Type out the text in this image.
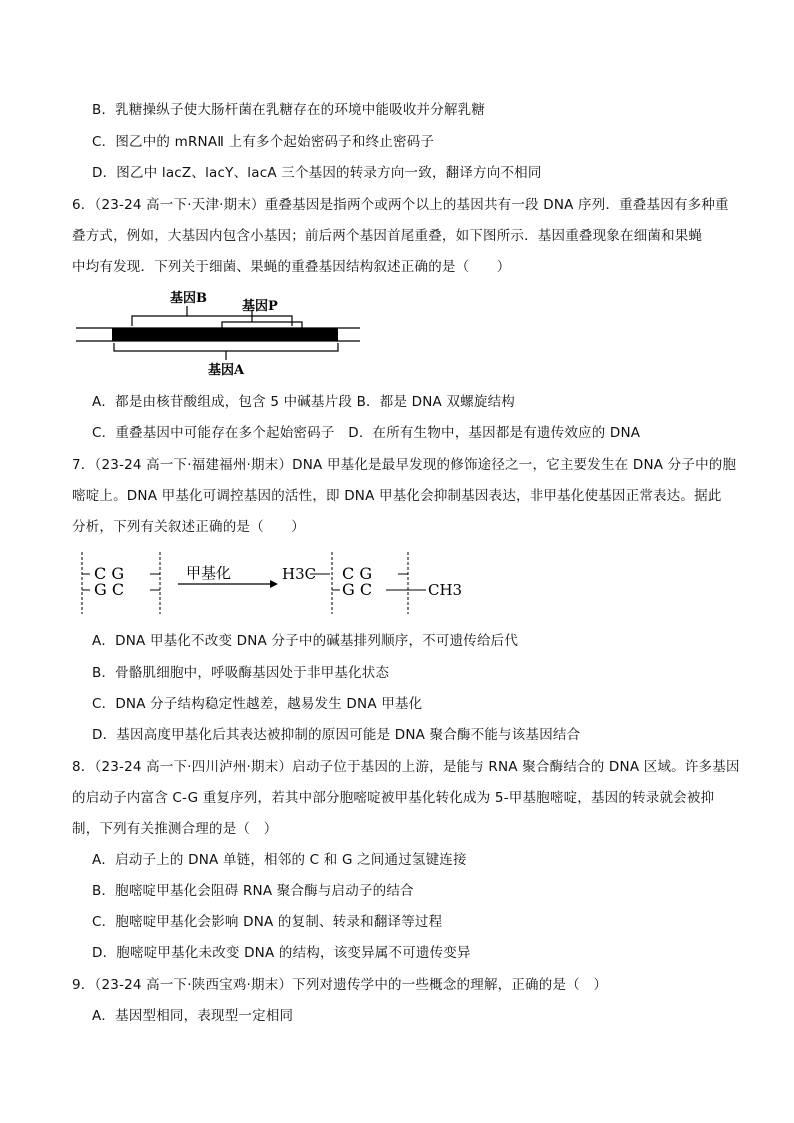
B．乳糖操纵子使大肠杆菌在乳糖存在的环境中能吸收并分解乳糖
C．图乙中的 mRNAⅡ 上有多个起始密码子和终止密码子
D．图乙中 lacZ、lacY、lacA 三个基因的转录方向一致，翻译方向不相同
6．（23-24 高一下·天津·期末）重叠基因是指两个或两个以上的基因共有一段 DNA 序列．重叠基因有多种重
叠方式，例如，大基因内包含小基因；前后两个基因首尾重叠，如下图所示．基因重叠现象在细菌和果蝇
中均有发现．下列关于细菌、果蝇的重叠基因结构叙述正确的是（　　）
基因B
基因P
基因A
A．都是由核苷酸组成，包含 5 中碱基片段 B．都是 DNA 双螺旋结构
C．重叠基因中可能存在多个起始密码子　D．在所有生物中，基因都是有遗传效应的 DNA
7．（23-24 高一下·福建福州·期末）DNA 甲基化是最早发现的修饰途径之一，它主要发生在 DNA 分子中的胞
嘧啶上。DNA 甲基化可调控基因的活性，即 DNA 甲基化会抑制基因表达，非甲基化使基因正常表达。据此
分析，下列有关叙述正确的是（　　）
C G
G C
甲基化	H3C C G
G C	CH3
A．DNA 甲基化不改变 DNA 分子中的碱基排列顺序，不可遗传给后代
B．骨骼肌细胞中，呼吸酶基因处于非甲基化状态
C．DNA 分子结构稳定性越差，越易发生 DNA 甲基化
D．基因高度甲基化后其表达被抑制的原因可能是 DNA 聚合酶不能与该基因结合
8．（23-24 高一下·四川泸州·期末）启动子位于基因的上游，是能与 RNA 聚合酶结合的 DNA 区域。许多基因
的启动子内富含 C-G 重复序列，若其中部分胞嘧啶被甲基化转化成为 5-甲基胞嘧啶，基因的转录就会被抑
制，下列有关推测合理的是（　）
A．启动子上的 DNA 单链，相邻的 C 和 G 之间通过氢键连接
B．胞嘧啶甲基化会阻碍 RNA 聚合酶与启动子的结合
C．胞嘧啶甲基化会影响 DNA 的复制、转录和翻译等过程
D．胞嘧啶甲基化未改变 DNA 的结构，该变异属不可遗传变异
9．（23-24 高一下·陕西宝鸡·期末）下列对遗传学中的一些概念的理解，正确的是（　）
A．基因型相同，表现型一定相同
